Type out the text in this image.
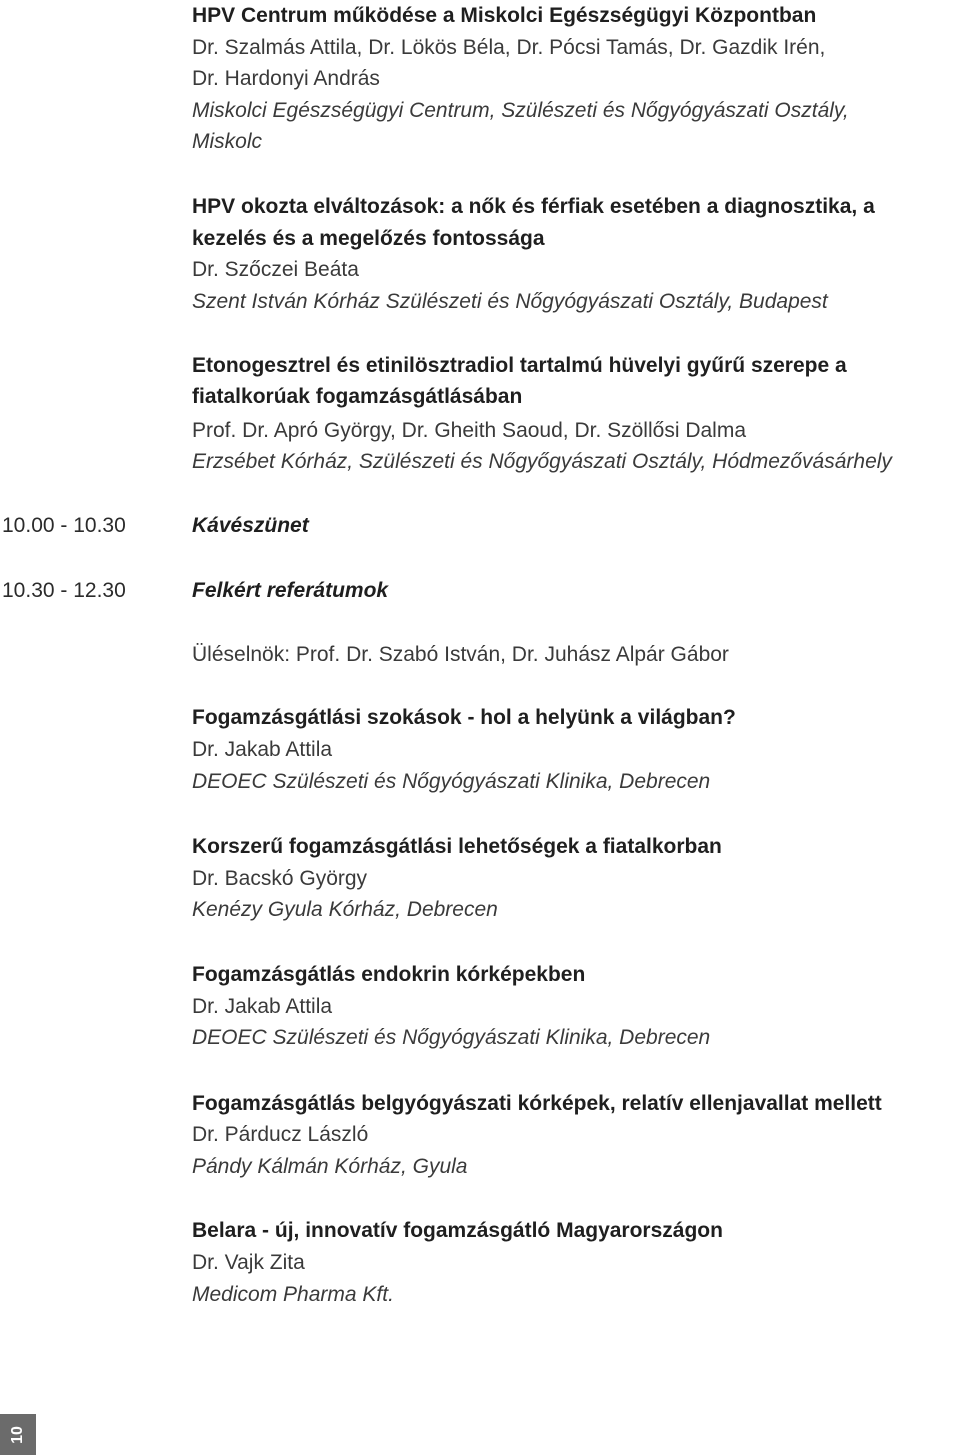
HPV Centrum működése a Miskolci Egészségügyi Központban
Dr. Szalmás Attila, Dr. Lökös Béla, Dr. Pócsi Tamás, Dr. Gazdik Irén,
Dr. Hardonyi András
Miskolci Egészségügyi Centrum, Szülészeti és Nőgyógyászati Osztály,
Miskolc
HPV okozta elváltozások: a nők és férfiak esetében a diagnosztika, a
kezelés és a megelőzés fontossága
Dr. Szőczei Beáta
Szent István Kórház Szülészeti és Nőgyógyászati Osztály, Budapest
Etonogesztrel és etinilösztradiol tartalmú hüvelyi gyűrű szerepe a
fiatalkorúak fogamzásgátlásában
Prof. Dr. Apró György, Dr. Gheith Saoud, Dr. Szöllősi Dalma
Erzsébet Kórház, Szülészeti és Nőgyőgyászati Osztály, Hódmezővásárhely
10.00 - 10.30	Kávészünet
10.30 - 12.30	Felkért referátumok
Üléselnök: Prof. Dr. Szabó István, Dr. Juhász Alpár Gábor
Fogamzásgátlási szokások - hol a helyünk a világban?
Dr. Jakab Attila
DEOEC Szülészeti és Nőgyógyászati Klinika, Debrecen
Korszerű fogamzásgátlási lehetőségek a fiatalkorban
Dr. Bacskó György
Kenézy Gyula Kórház, Debrecen
Fogamzásgátlás endokrin kórképekben
Dr. Jakab Attila
DEOEC Szülészeti és Nőgyógyászati Klinika, Debrecen
Fogamzásgátlás belgyógyászati kórképek, relatív ellenjavallat mellett
Dr. Párducz László
Pándy Kálmán Kórház, Gyula
Belara - új, innovatív fogamzásgátló Magyarországon
Dr. Vajk Zita
Medicom Pharma Kft.
10
